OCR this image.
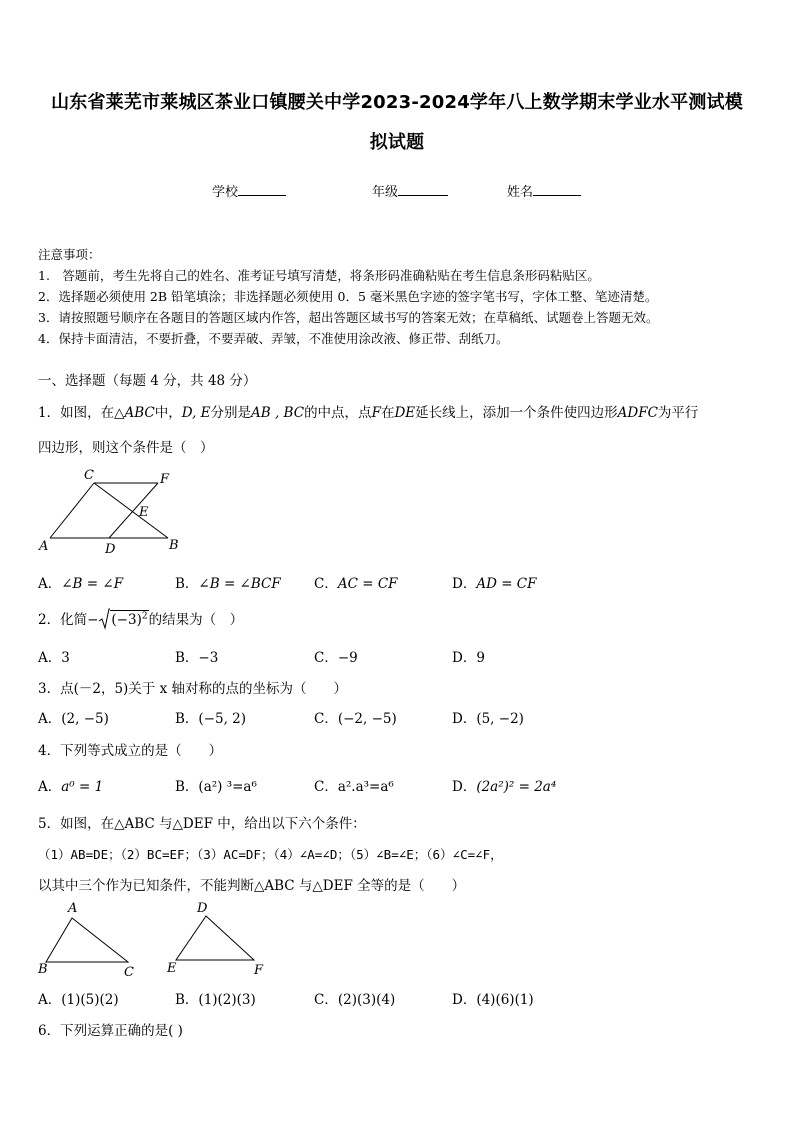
山东省莱芜市莱城区茶业口镇腰关中学2023-2024学年八上数学期末学业水平测试模
拟试题
学校	年级	姓名
注意事项：
1.　答题前，考生先将自己的姓名、准考证号填写清楚，将条形码准确粘贴在考生信息条形码粘贴区。
2．选择题必须使用 2B 铅笔填涂；非选择题必须使用 0．5 毫米黑色字迹的签字笔书写，字体工整、笔迹清楚。
3．请按照题号顺序在各题目的答题区域内作答，超出答题区域书写的答案无效；在草稿纸、试题卷上答题无效。
4．保持卡面清洁，不要折叠，不要弄破、弄皱，不准使用涂改液、修正带、刮纸刀。
一、选择题（每题 4 分，共 48 分）
1．如图，在△ABC中，D, E分别是AB , BC的中点，点F在DE延长线上，添加一个条件使四边形ADFC为平行
四边形，则这个条件是（　）
C	F
E
A	D	B
A．∠B = ∠F	B．∠B = ∠BCF C．AC = CF	D．AD = CF
2．化简− $(-3)^2$的结果为（　）
A．3	B．−3	C．−9	D．9
3．点(－2，5)关于 x 轴对称的点的坐标为（　　）
A．(2, −5)	B．(−5, 2)	C．(−2, −5)	D．(5, −2)
4．下列等式成立的是（　　）
A．a⁰ = 1	B．(a²) ³=a⁶	C．a².a³=a⁶	D．(2a²)² = 2a⁴
5．如图，在△ABC 与△DEF 中，给出以下六个条件：
（1）AB=DE；（2）BC=EF；（3）AC=DF；（4）∠A=∠D；（5）∠B=∠E；（6）∠C=∠F，
以其中三个作为已知条件，不能判断△ABC 与△DEF 全等的是（　　）
A
B	C
D
E	F
A．(1)(5)(2)	B．(1)(2)(3)	C．(2)(3)(4)	D．(4)(6)(1)
6．下列运算正确的是( )
